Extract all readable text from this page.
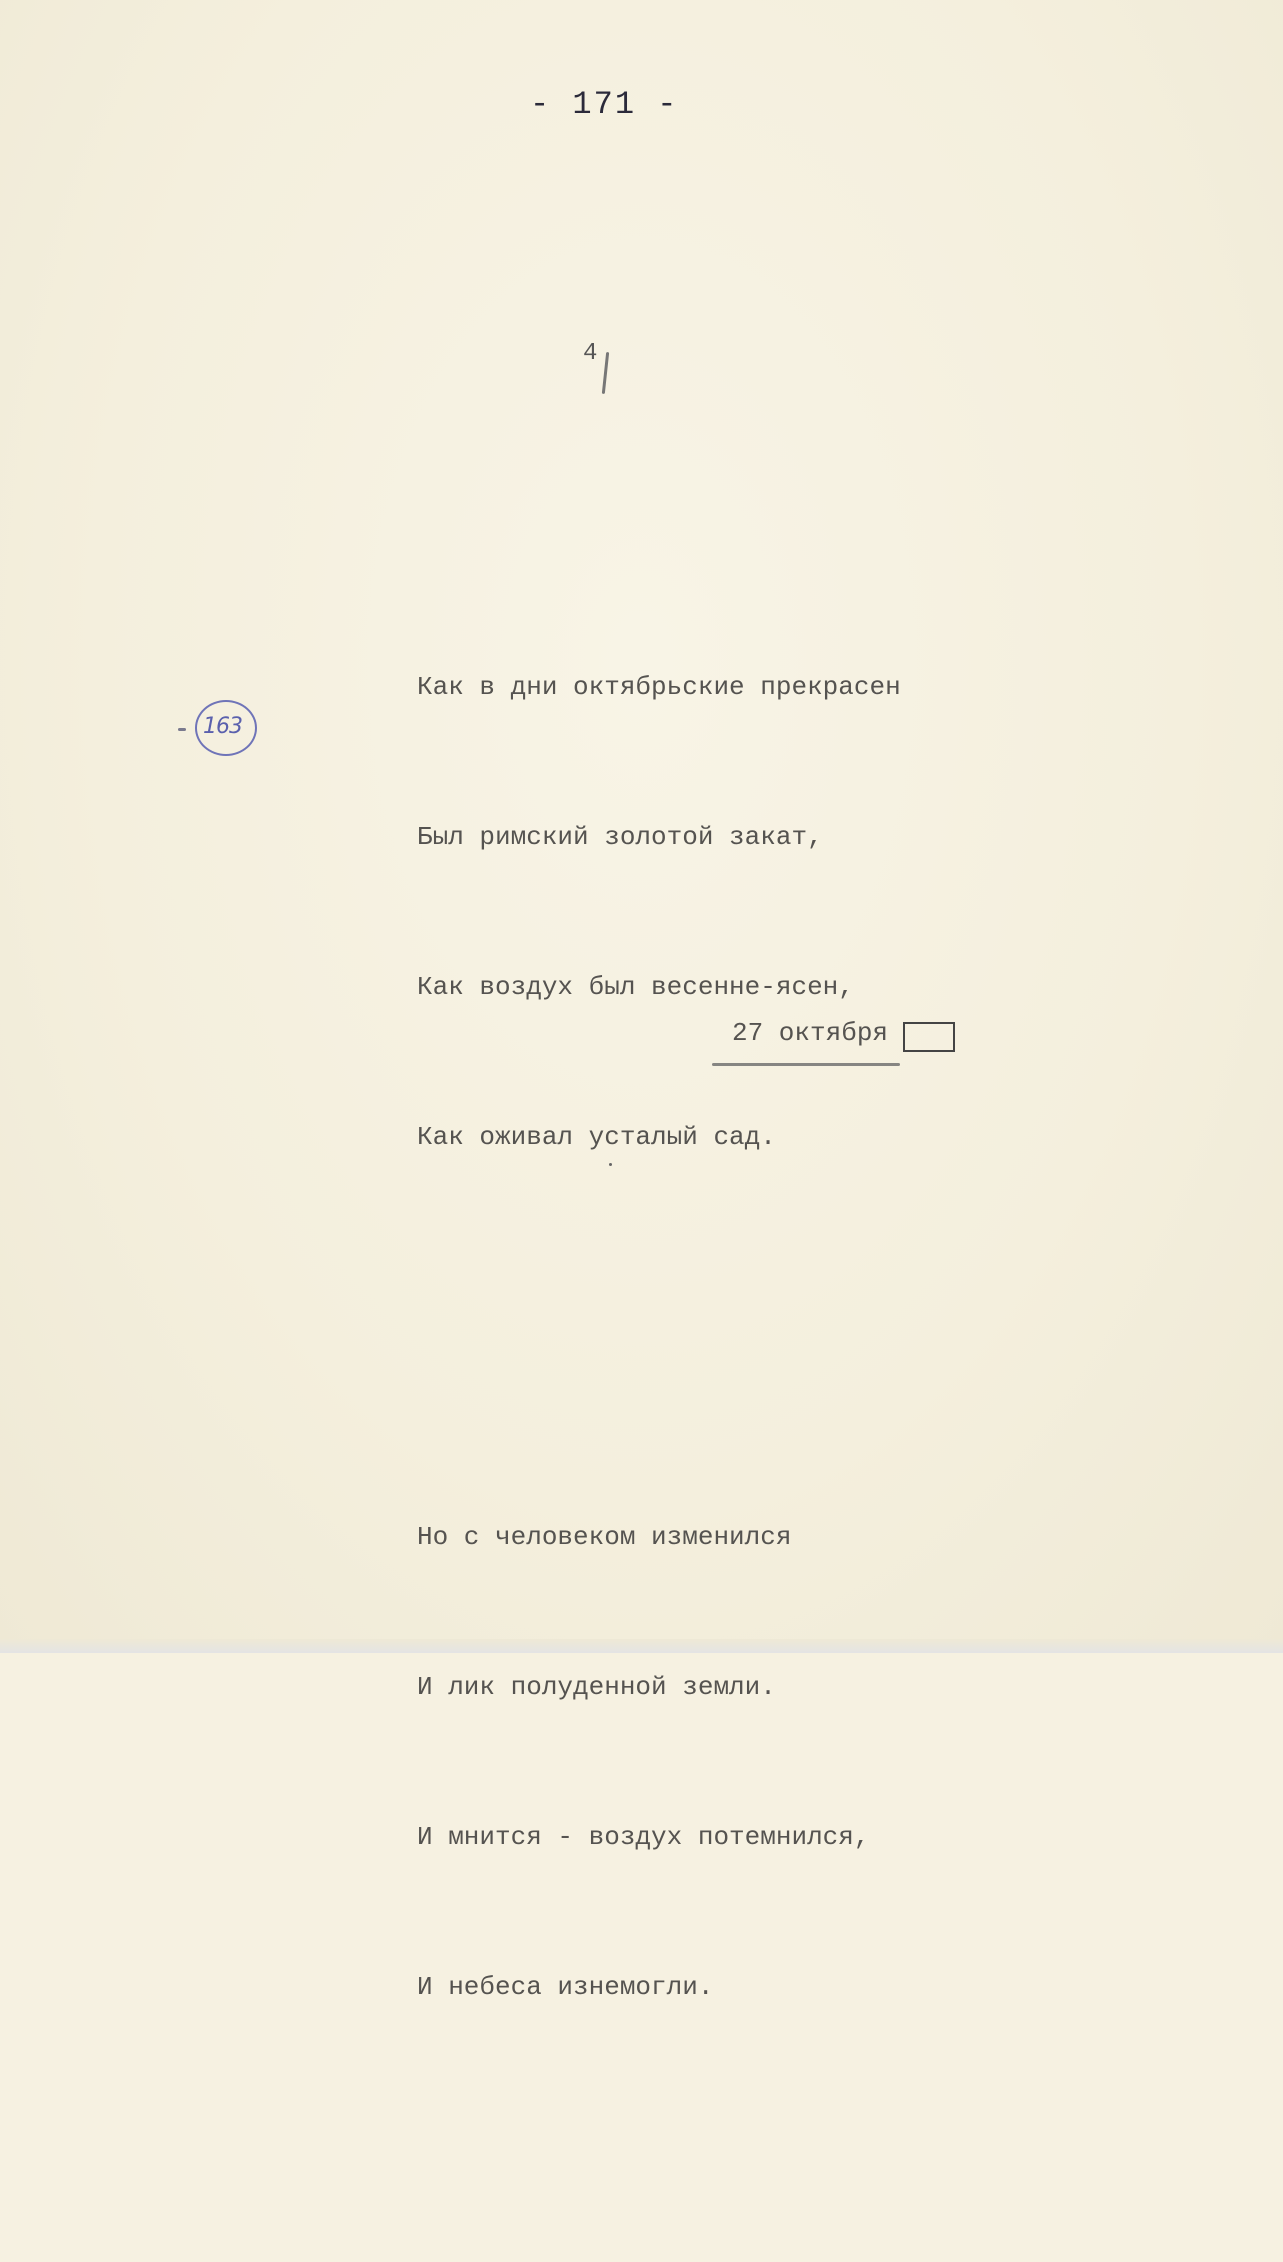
- 171 -
4
163

Как в дни октябрьские прекрасен

Был римский золотой закат,

Как воздух был весенне-ясен,

Как оживал усталый сад.

Но с человеком изменился

И лик полуденной земли.

И мнится - воздух потемнился,

И небеса изнемогли.

27 октября
